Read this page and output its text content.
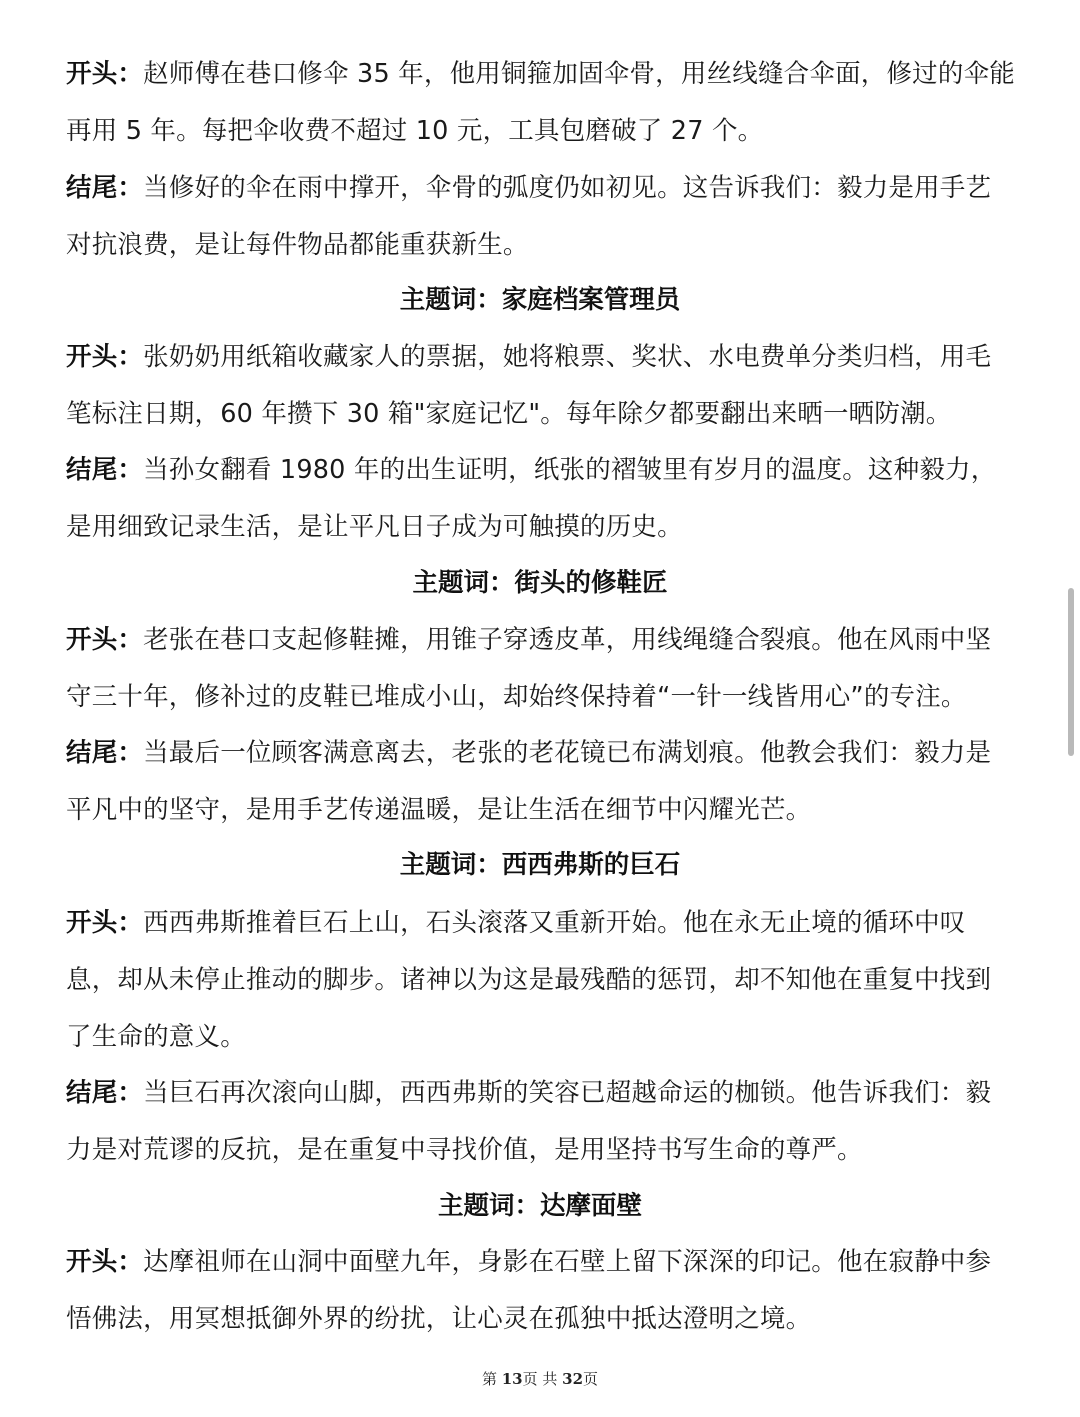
开头：赵师傅在巷口修伞 35 年，他用铜箍加固伞骨，用丝线缝合伞面，修过的伞能再用 5 年。每把伞收费不超过 10 元，工具包磨破了 27 个。

结尾：当修好的伞在雨中撑开，伞骨的弧度仍如初见。这告诉我们：毅力是用手艺对抗浪费，是让每件物品都能重获新生。

主题词：家庭档案管理员

开头：张奶奶用纸箱收藏家人的票据，她将粮票、奖状、水电费单分类归档，用毛笔标注日期，60 年攒下 30 箱"家庭记忆"。每年除夕都要翻出来晒一晒防潮。

结尾：当孙女翻看 1980 年的出生证明，纸张的褶皱里有岁月的温度。这种毅力，是用细致记录生活，是让平凡日子成为可触摸的历史。

主题词：街头的修鞋匠

开头：老张在巷口支起修鞋摊，用锥子穿透皮革，用线绳缝合裂痕。他在风雨中坚守三十年，修补过的皮鞋已堆成小山，却始终保持着“一针一线皆用心”的专注。

结尾：当最后一位顾客满意离去，老张的老花镜已布满划痕。他教会我们：毅力是平凡中的坚守，是用手艺传递温暖，是让生活在细节中闪耀光芒。

主题词：西西弗斯的巨石

开头：西西弗斯推着巨石上山，石头滚落又重新开始。他在永无止境的循环中叹息，却从未停止推动的脚步。诸神以为这是最残酷的惩罚，却不知他在重复中找到了生命的意义。

结尾：当巨石再次滚向山脚，西西弗斯的笑容已超越命运的枷锁。他告诉我们：毅力是对荒谬的反抗，是在重复中寻找价值，是用坚持书写生命的尊严。

主题词：达摩面壁

开头：达摩祖师在山洞中面壁九年，身影在石壁上留下深深的印记。他在寂静中参悟佛法，用冥想抵御外界的纷扰，让心灵在孤独中抵达澄明之境。

第 13页 共 32页
